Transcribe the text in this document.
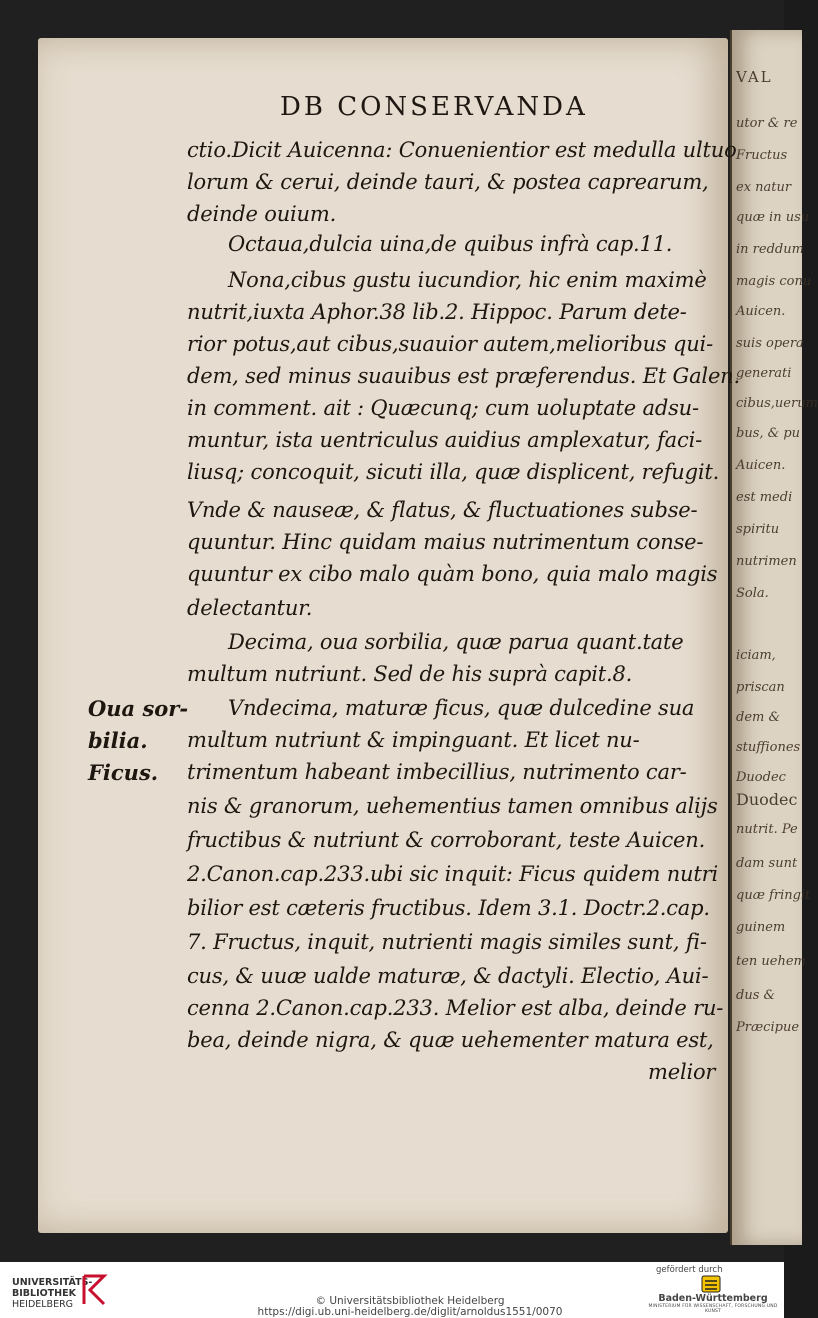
VAL
utor & re
Fructus
ex natur
quæ in usu
in reddum
magis conu
Auicen.
suis opera
generati
cibus,uerum
bus, & pu
Auicen.
est medi
spiritu
nutrimen
Sola.
iciam,
priscan
dem &
stuffiones
Duodec
Duodec
nutrit. Pe
dam sunt
quæ fringit
guinem
ten uehem
dus &
Præcipue
DB CONSERVANDA
ctio.Dicit Auicenna: Conuenientior est medulla ultuo
lorum & cerui, deinde tauri, & postea caprearum,
deinde ouium.
Octaua,dulcia uina,de quibus infrà cap.11.
Nona,cibus gustu iucundior, hic enim maximè
nutrit,iuxta Aphor.38 lib.2. Hippoc. Parum dete-
rior potus,aut cibus,suauior autem,melioribus qui-
dem, sed minus suauibus est præferendus. Et Galen.
in comment. ait : Quæcunq; cum uoluptate adsu-
muntur, ista uentriculus auidius amplexatur, faci-
liusq; concoquit, sicuti illa, quæ displicent, refugit.
Vnde & nauseæ, & flatus, & fluctuationes subse-
quuntur. Hinc quidam maius nutrimentum conse-
quuntur ex cibo malo quàm bono, quia malo magis
delectantur.
Decima, oua sorbilia, quæ parua quant.tate
multum nutriunt. Sed de his suprà capit.8.
Vndecima, maturæ ficus, quæ dulcedine sua
multum nutriunt & impinguant. Et licet nu-
trimentum habeant imbecillius, nutrimento car-
nis & granorum, uehementius tamen omnibus alijs
fructibus & nutriunt & corroborant, teste Auicen.
2.Canon.cap.233.ubi sic inquit: Ficus quidem nutri
bilior est cæteris fructibus. Idem 3.1. Doctr.2.cap.
7. Fructus, inquit, nutrienti magis similes sunt, fi-
cus, & uuæ ualde maturæ, & dactyli. Electio, Aui-
cenna 2.Canon.cap.233. Melior est alba, deinde ru-
bea, deinde nigra, & quæ uehementer matura est,
melior
Oua sor-
bilia.
Ficus.
UNIVERSITÄTS-
BIBLIOTHEK
HEIDELBERG	© Universitätsbibliothek Heidelberg
https://digi.ub.uni-heidelberg.de/diglit/arnoldus1551/0070
gefördert durch
Baden-Württemberg
MINISTERIUM FÜR WISSENSCHAFT, FORSCHUNG UND KUNST
